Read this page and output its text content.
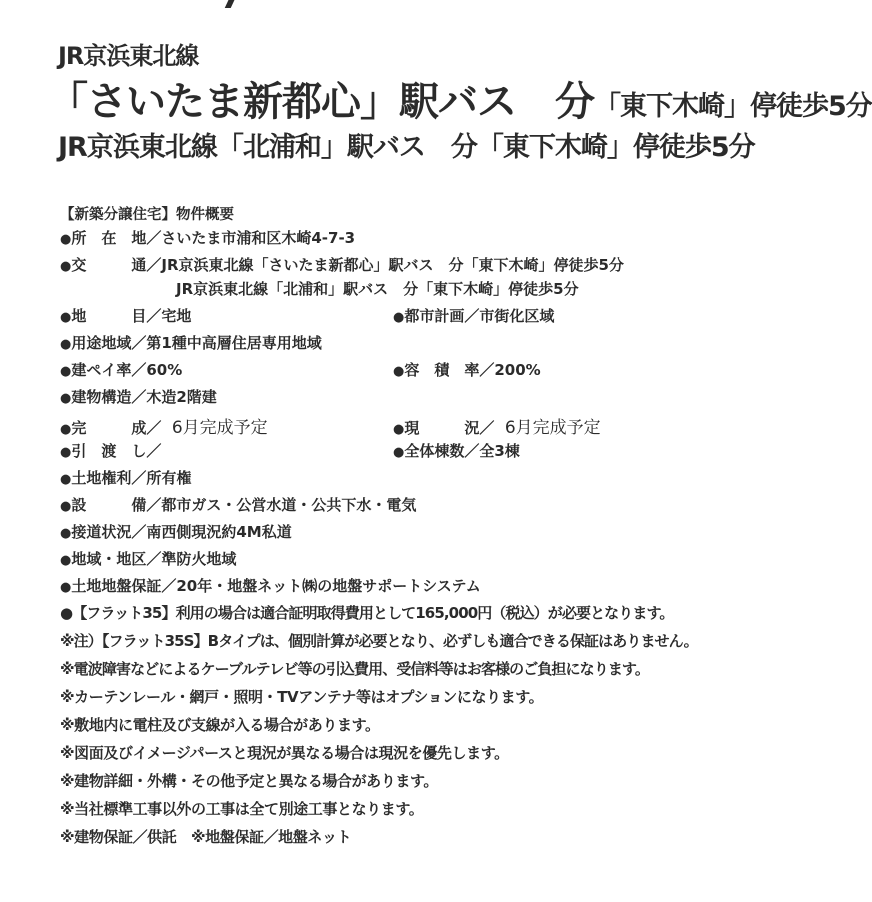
JR京浜東北線
「さいたま新都心」駅バス　分「東下木崎」停徒歩5分
JR京浜東北線「北浦和」駅バス　分「東下木崎」停徒歩5分
【新築分譲住宅】物件概要
●所　在　地／さいたま市浦和区木崎4-7-3
●交　　　通／JR京浜東北線「さいたま新都心」駅バス　分「東下木崎」停徒歩5分
JR京浜東北線「北浦和」駅バス　分「東下木崎」停徒歩5分
●地　　　目／宅地	●都市計画／市街化区域
●用途地域／第1種中高層住居専用地域
●建ペイ率／60%	●容　積　率／200%
●建物構造／木造2階建
●完　　　成／ 6月完成予定	●現　　　況／ 6月完成予定
●引　渡　し／	●全体棟数／全3棟
●土地権利／所有権
●設　　　備／都市ガス・公営水道・公共下水・電気
●接道状況／南西側現況約4M私道
●地域・地区／準防火地域
●土地地盤保証／20年・地盤ネット㈱の地盤サポートシステム
●【フラット35】利用の場合は適合証明取得費用として165,000円（税込）が必要となります。
※注）【フラット35S】Bタイプは、個別計算が必要となり、必ずしも適合できる保証はありません。
※電波障害などによるケーブルテレビ等の引込費用、受信料等はお客様のご負担になります。
※カーテンレール・網戸・照明・TVアンテナ等はオプションになります。
※敷地内に電柱及び支線が入る場合があります。
※図面及びイメージパースと現況が異なる場合は現況を優先します。
※建物詳細・外構・その他予定と異なる場合があります。
※当社標準工事以外の工事は全て別途工事となります。
※建物保証／供託　※地盤保証／地盤ネット
